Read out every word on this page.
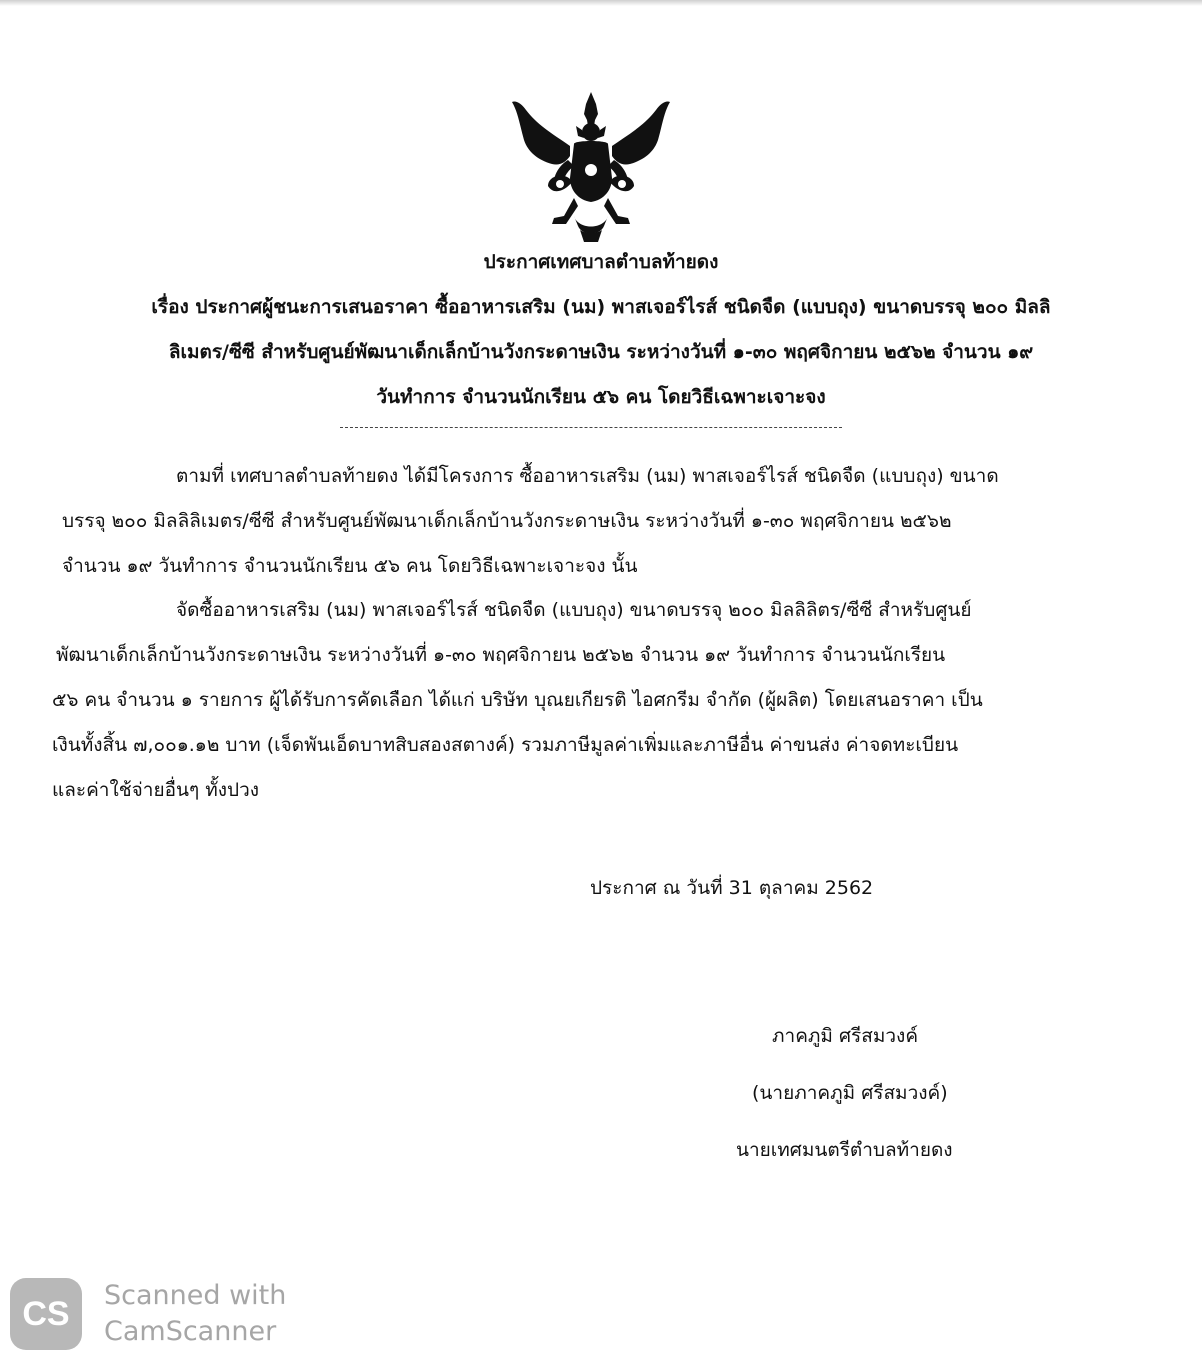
ประกาศเทศบาลตำบลท้ายดง

เรื่อง ประกาศผู้ชนะการเสนอราคา ซื้ออาหารเสริม (นม) พาสเจอร์ไรส์ ชนิดจืด (แบบถุง) ขนาดบรรจุ ๒๐๐ มิลลิ
ลิเมตร/ซีซี สำหรับศูนย์พัฒนาเด็กเล็กบ้านวังกระดาษเงิน ระหว่างวันที่ ๑-๓๐ พฤศจิกายน ๒๕๖๒ จำนวน ๑๙
วันทำการ จำนวนนักเรียน ๕๖ คน โดยวิธีเฉพาะเจาะจง

ตามที่ เทศบาลตำบลท้ายดง ได้มีโครงการ ซื้ออาหารเสริม (นม) พาสเจอร์ไรส์ ชนิดจืด (แบบถุง) ขนาด
บรรจุ ๒๐๐ มิลลิลิเมตร/ซีซี สำหรับศูนย์พัฒนาเด็กเล็กบ้านวังกระดาษเงิน ระหว่างวันที่ ๑-๓๐ พฤศจิกายน ๒๕๖๒
จำนวน ๑๙ วันทำการ จำนวนนักเรียน ๕๖ คน โดยวิธีเฉพาะเจาะจง นั้น

จัดซื้ออาหารเสริม (นม) พาสเจอร์ไรส์ ชนิดจืด (แบบถุง) ขนาดบรรจุ ๒๐๐ มิลลิลิตร/ซีซี สำหรับศูนย์
พัฒนาเด็กเล็กบ้านวังกระดาษเงิน ระหว่างวันที่ ๑-๓๐ พฤศจิกายน ๒๕๖๒ จำนวน ๑๙ วันทำการ จำนวนนักเรียน
๕๖ คน จำนวน ๑ รายการ ผู้ได้รับการคัดเลือก ได้แก่ บริษัท บุณยเกียรติ ไอศกรีม จำกัด (ผู้ผลิต) โดยเสนอราคา เป็น
เงินทั้งสิ้น ๗,๐๐๑.๑๒ บาท (เจ็ดพันเอ็ดบาทสิบสองสตางค์) รวมภาษีมูลค่าเพิ่มและภาษีอื่น ค่าขนส่ง ค่าจดทะเบียน
และค่าใช้จ่ายอื่นๆ ทั้งปวง

ประกาศ ณ วันที่ 31 ตุลาคม 2562

ภาคภูมิ ศรีสมวงค์

(นายภาคภูมิ ศรีสมวงค์)

นายเทศมนตรีตำบลท้ายดง

CS	Scanned with
CamScanner
